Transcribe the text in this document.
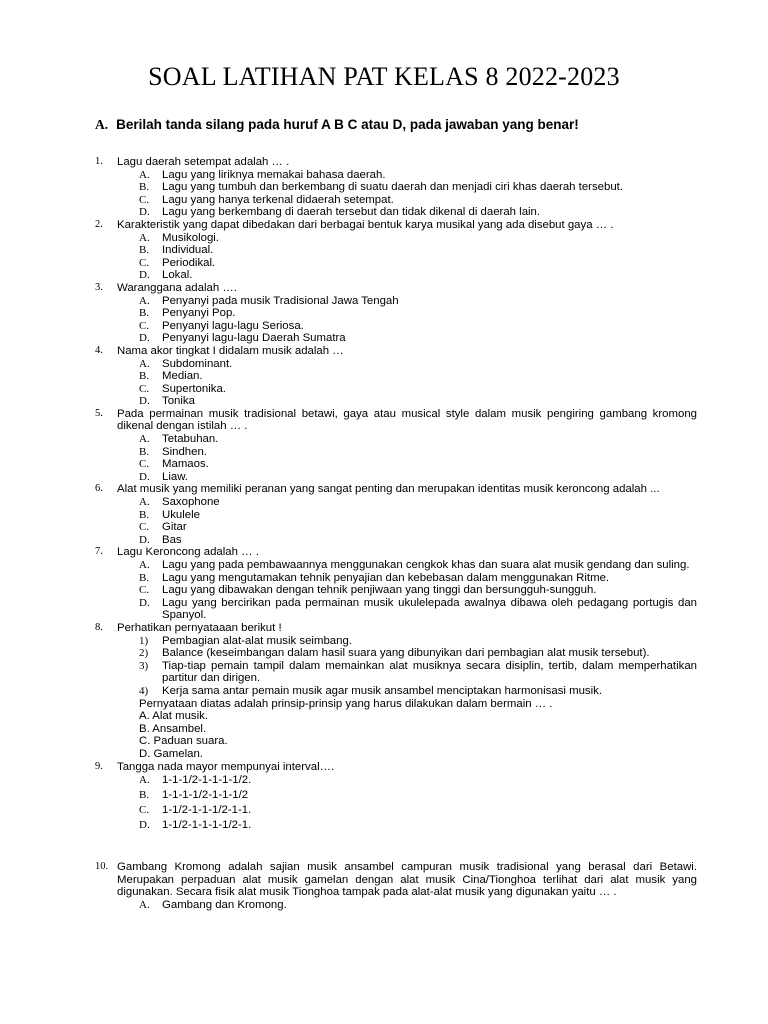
SOAL LATIHAN PAT KELAS 8 2022-2023
A. Berilah tanda silang pada huruf A B C atau D, pada jawaban yang benar!
1.	Lagu daerah setempat adalah … .
A.	Lagu yang liriknya memakai bahasa daerah.
B.	Lagu yang tumbuh dan berkembang di suatu daerah dan menjadi ciri khas daerah tersebut.
C.	Lagu yang hanya terkenal didaerah setempat.
D.	Lagu yang berkembang di daerah tersebut dan tidak dikenal di daerah lain.
2.	Karakteristik yang dapat dibedakan dari berbagai bentuk karya musikal yang ada disebut gaya … .
A.	Musikologi.
B.	Individual.
C.	Periodikal.
D.	Lokal.
3.	Waranggana adalah ….
A.	Penyanyi pada musik Tradisional Jawa Tengah
B.	Penyanyi Pop.
C.	Penyanyi lagu-lagu Seriosa.
D.	Penyanyi lagu-lagu Daerah Sumatra
4.	Nama akor tingkat I didalam musik adalah …
A.	Subdominant.
B.	Median.
C.	Supertonika.
D.	Tonika
5.	Pada permainan musik tradisional betawi, gaya atau musical style dalam musik pengiring gambang kromong dikenal dengan istilah … .
A.	Tetabuhan.
B.	Sindhen.
C.	Mamaos.
D.	Liaw.
6.	Alat musik yang memiliki peranan yang sangat penting dan merupakan identitas musik keroncong adalah ...
A.	Saxophone
B.	Ukulele
C.	Gitar
D.	Bas
7.	Lagu Keroncong adalah … .
A.	Lagu yang pada pembawaannya menggunakan cengkok khas dan suara alat musik gendang dan suling.
B.	Lagu yang mengutamakan tehnik penyajian dan kebebasan dalam menggunakan Ritme.
C.	Lagu yang dibawakan dengan tehnik penjiwaan yang tinggi dan bersungguh-sungguh.
D.	Lagu yang bercirikan pada permainan musik ukulelepada awalnya dibawa oleh pedagang portugis dan Spanyol.
8.	Perhatikan pernyataaan berikut !
1)	Pembagian alat-alat musik seimbang.
2)	Balance (keseimbangan dalam hasil suara yang dibunyikan dari pembagian alat musik tersebut).
3)	Tiap-tiap pemain tampil dalam memainkan alat musiknya secara disiplin, tertib, dalam memperhatikan partitur dan dirigen.
4)	Kerja sama antar pemain musik agar musik ansambel menciptakan harmonisasi musik.
Pernyataan diatas adalah prinsip-prinsip yang harus dilakukan dalam bermain … .
A. Alat musik.
B. Ansambel.
C. Paduan suara.
D. Gamelan.
9.	Tangga nada mayor mempunyai interval….
A.	1-1-1/2-1-1-1-1/2.
B.	1-1-1-1/2-1-1-1/2
C.	1-1/2-1-1-1/2-1-1.
D.	1-1/2-1-1-1-1/2-1.
10. Gambang Kromong adalah sajian musik ansambel campuran musik tradisional yang berasal dari Betawi. Merupakan perpaduan alat musik gamelan dengan alat musik Cina/Tionghoa terlihat dari alat musik yang digunakan. Secara fisik alat musik Tionghoa tampak pada alat-alat musik yang digunakan yaitu … .
A.	Gambang dan Kromong.
